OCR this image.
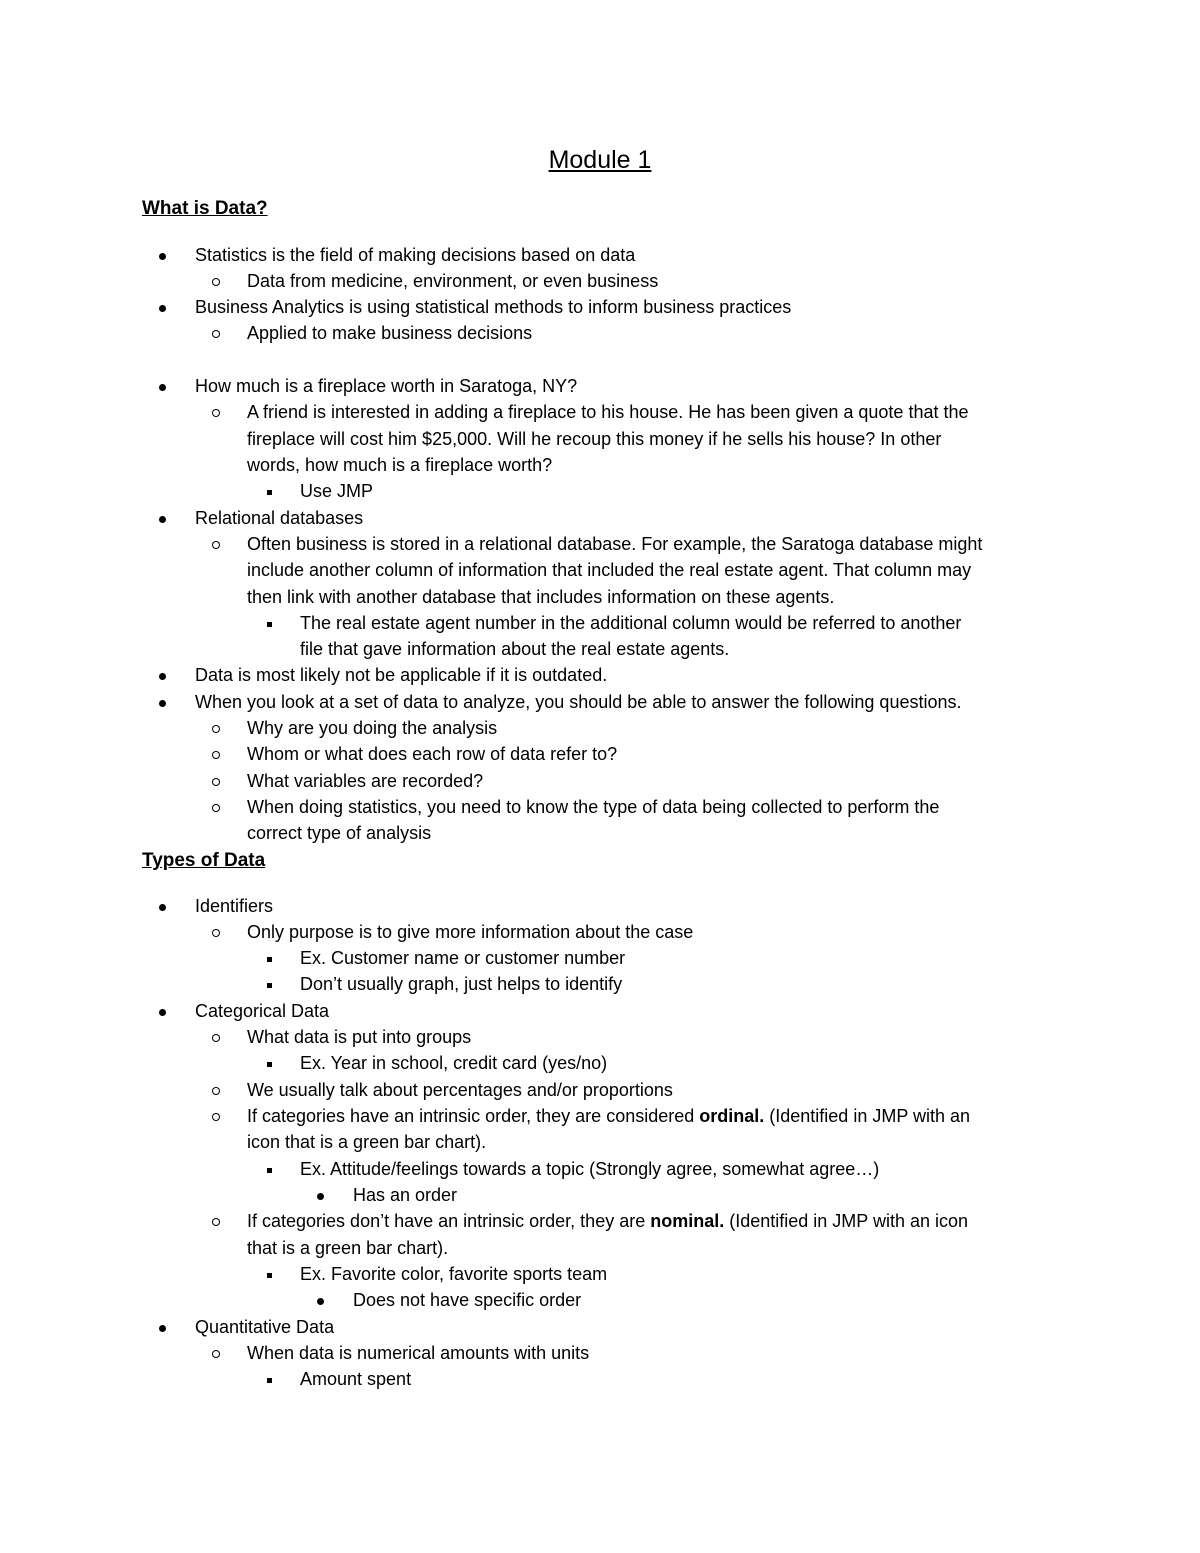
Module 1
What is Data?
Statistics is the field of making decisions based on data
Data from medicine, environment, or even business
Business Analytics is using statistical methods to inform business practices
Applied to make business decisions
How much is a fireplace worth in Saratoga, NY?
A friend is interested in adding a fireplace to his house. He has been given a quote that the
fireplace will cost him $25,000. Will he recoup this money if he sells his house? In other
words, how much is a fireplace worth?
Use JMP
Relational databases
Often business is stored in a relational database. For example, the Saratoga database might
include another column of information that included the real estate agent. That column may
then link with another database that includes information on these agents.
The real estate agent number in the additional column would be referred to another
file that gave information about the real estate agents.
Data is most likely not be applicable if it is outdated.
When you look at a set of data to analyze, you should be able to answer the following questions.
Why are you doing the analysis
Whom or what does each row of data refer to?
What variables are recorded?
When doing statistics, you need to know the type of data being collected to perform the
correct type of analysis
Types of Data
Identifiers
Only purpose is to give more information about the case
Ex. Customer name or customer number
Don’t usually graph, just helps to identify
Categorical Data
What data is put into groups
Ex. Year in school, credit card (yes/no)
We usually talk about percentages and/or proportions
If categories have an intrinsic order, they are considered ordinal. (Identified in JMP with an
icon that is a green bar chart).
Ex. Attitude/feelings towards a topic (Strongly agree, somewhat agree…)
Has an order
If categories don’t have an intrinsic order, they are nominal. (Identified in JMP with an icon
that is a green bar chart).
Ex. Favorite color, favorite sports team
Does not have specific order
Quantitative Data
When data is numerical amounts with units
Amount spent
